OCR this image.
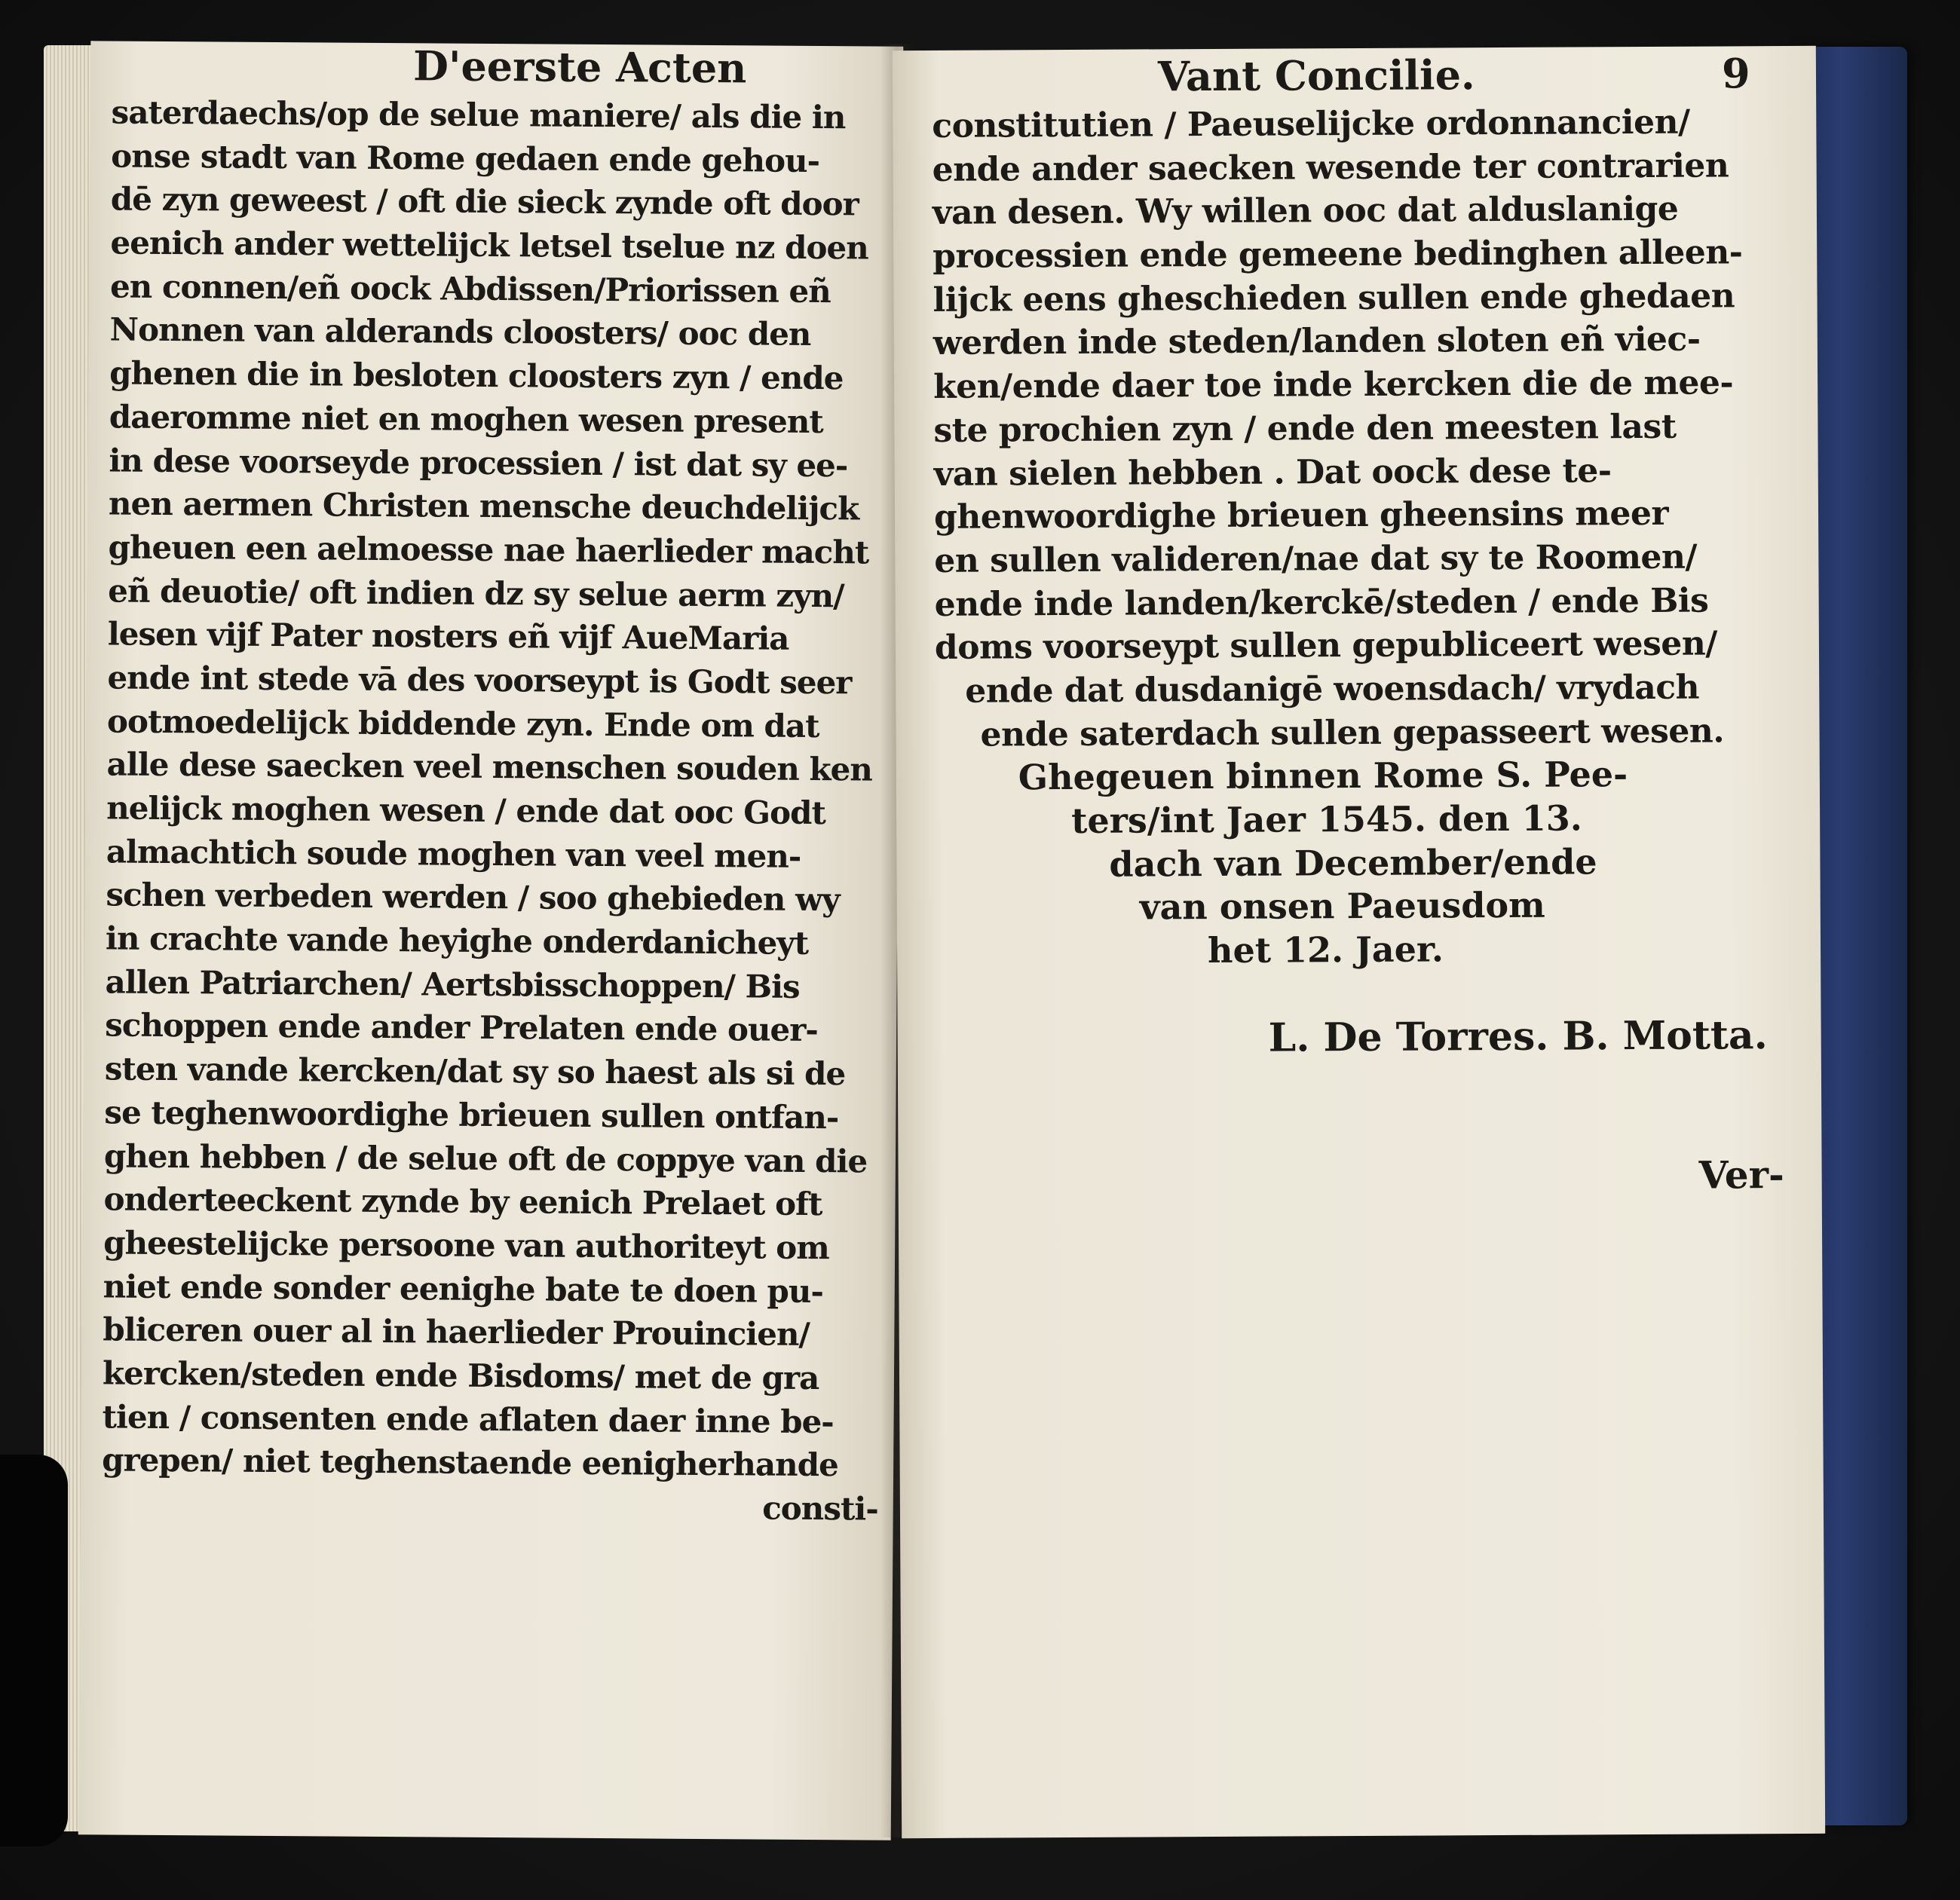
D'eerste Acten
saterdaechs/op de selue maniere/ als die in
onse stadt van Rome gedaen ende gehou-
dē zyn geweest / oft die sieck zynde oft door
eenich ander wettelijck letsel tselue nz doen
en connen/eñ oock Abdissen/Priorissen eñ
Nonnen van alderands cloosters/ ooc den
ghenen die in besloten cloosters zyn / ende
daeromme niet en moghen wesen present
in dese voorseyde processien / ist dat sy ee-
nen aermen Christen mensche deuchdelijck
gheuen een aelmoesse nae haerlieder macht
eñ deuotie/ oft indien dz sy selue aerm zyn/
lesen vijf Pater nosters eñ vijf AueMaria
ende int stede vā des voorseypt is Godt seer
ootmoedelijck biddende zyn. Ende om dat
alle dese saecken veel menschen souden ken
nelijck moghen wesen / ende dat ooc Godt
almachtich soude moghen van veel men-
schen verbeden werden / soo ghebieden wy
in crachte vande heyighe onderdanicheyt
allen Patriarchen/ Aertsbisschoppen/ Bis
schoppen ende ander Prelaten ende ouer-
sten vande kercken/dat sy so haest als si de
se teghenwoordighe brieuen sullen ontfan-
ghen hebben / de selue oft de coppye van die
onderteeckent zynde by eenich Prelaet oft
gheestelijcke persoone van authoriteyt om
niet ende sonder eenighe bate te doen pu-
bliceren ouer al in haerlieder Prouincien/
kercken/steden ende Bisdoms/ met de gra
tien / consenten ende aflaten daer inne be-
grepen/ niet teghenstaende eenigherhande
consti-
Vant Concilie.	9
constitutien / Paeuselijcke ordonnancien/
ende ander saecken wesende ter contrarien
van desen. Wy willen ooc dat alduslanige
processien ende gemeene bedinghen alleen-
lijck eens gheschieden sullen ende ghedaen
werden inde steden/landen sloten eñ viec-
ken/ende daer toe inde kercken die de mee-
ste prochien zyn / ende den meesten last
van sielen hebben . Dat oock dese te-
ghenwoordighe brieuen gheensins meer
en sullen valideren/nae dat sy te Roomen/
ende inde landen/kerckē/steden / ende Bis
doms voorseypt sullen gepubliceert wesen/
ende dat dusdanigē woensdach/ vrydach
ende saterdach sullen gepasseert wesen.
Ghegeuen binnen Rome S. Pee-
ters/int Jaer 1545. den 13.
dach van December/ende
van onsen Paeusdom
het 12. Jaer.
L. De Torres. B. Motta.
Ver-
